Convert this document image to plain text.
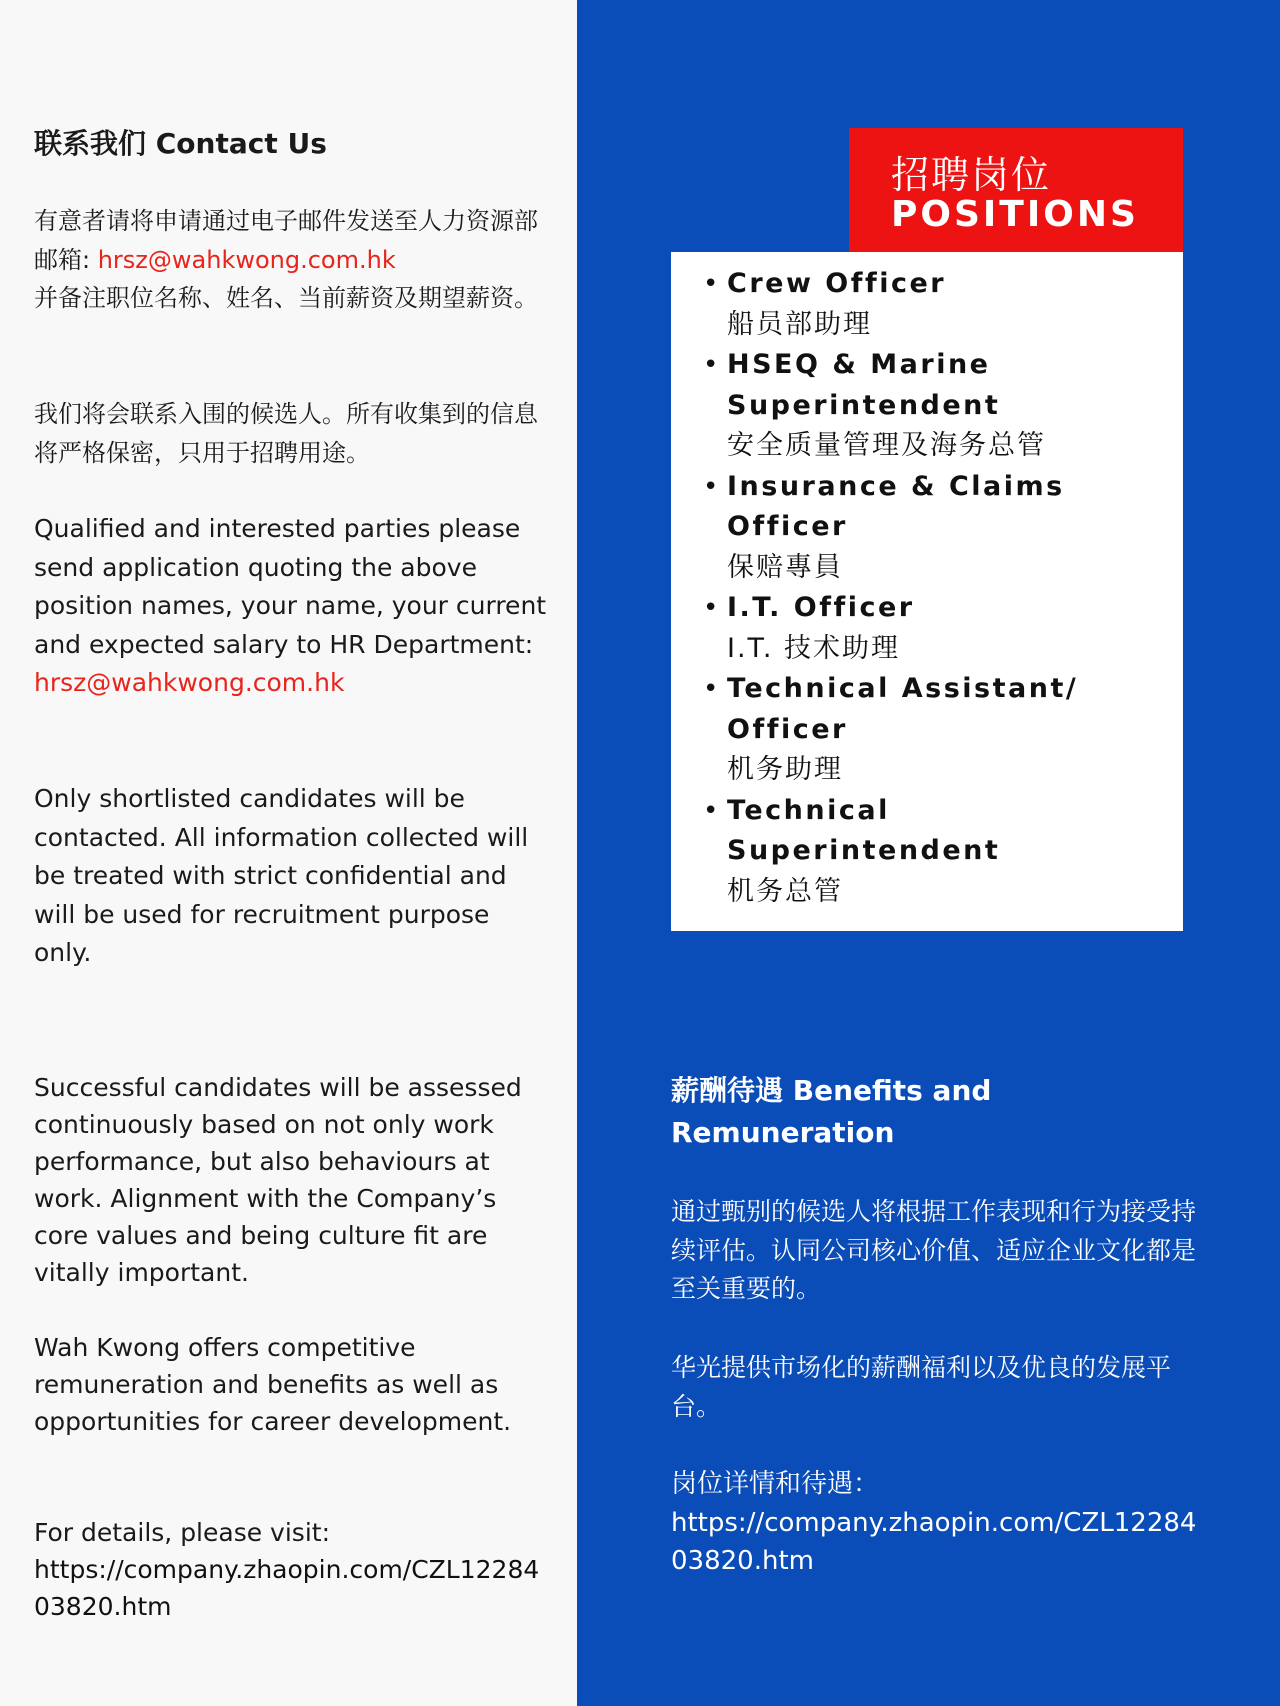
联系我们 Contact Us

有意者请将申请通过电子邮件发送至人力资源部邮箱: hrsz@wahkwong.com.hk
并备注职位名称、姓名、当前薪资及期望薪资。

我们将会联系入围的候选人。所有收集到的信息将严格保密，只用于招聘用途。

Qualified and interested parties please send application quoting the above position names, your name, your current and expected salary to HR Department:
hrsz@wahkwong.com.hk

Only shortlisted candidates will be contacted. All information collected will be treated with strict confidential and will be used for recruitment purpose only.

Successful candidates will be assessed continuously based on not only work performance, but also behaviours at work. Alignment with the Company’s core values and being culture fit are vitally important.

Wah Kwong offers competitive remuneration and benefits as well as opportunities for career development.

For details, please visit:
https://company.zhaopin.com/CZL1228403820.htm

招聘岗位
POSITIONS
• Crew Officer
船员部助理
• HSEQ & Marine Superintendent
安全质量管理及海务总管
• Insurance & Claims Officer
保赔專員
• I.T. Officer
I.T. 技术助理
• Technical Assistant/ Officer
机务助理
• Technical Superintendent
机务总管
薪酬待遇 Benefits and Remuneration

通过甄别的候选人将根据工作表现和行为接受持续评估。认同公司核心价值、适应企业文化都是至关重要的。

华光提供市场化的薪酬福利以及优良的发展平台。

岗位详情和待遇：
https://company.zhaopin.com/CZL1228403820.htm
